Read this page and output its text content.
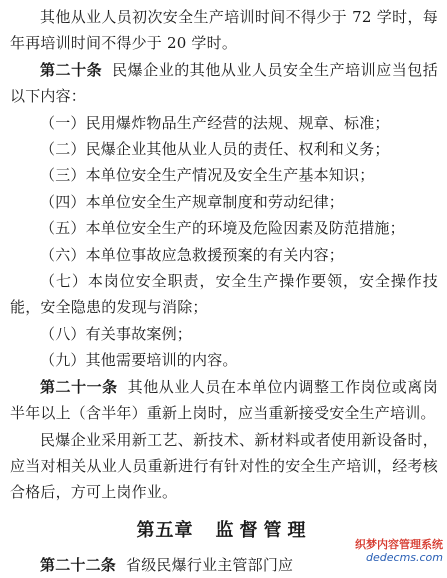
其他从业人员初次安全生产培训时间不得少于 72 学时，每年再培训时间不得少于 20 学时。

第二十条 民爆企业的其他从业人员安全生产培训应当包括以下内容：

（一）民用爆炸物品生产经营的法规、规章、标准；

（二）民爆企业其他从业人员的责任、权利和义务；

（三）本单位安全生产情况及安全生产基本知识；

（四）本单位安全生产规章制度和劳动纪律；

（五）本单位安全生产的环境及危险因素及防范措施；

（六）本单位事故应急救援预案的有关内容；

（七）本岗位安全职责，安全生产操作要领，安全操作技能，安全隐患的发现与消除；

（八）有关事故案例；

（九）其他需要培训的内容。

第二十一条 其他从业人员在本单位内调整工作岗位或离岗半年以上（含半年）重新上岗时，应当重新接受安全生产培训。

民爆企业采用新工艺、新技术、新材料或者使用新设备时，应当对相关从业人员重新进行有针对性的安全生产培训，经考核合格后，方可上岗作业。

第五章 监督管理

第二十二条 省级民爆行业主管部门应

织梦内容管理系统
dedecms.com
